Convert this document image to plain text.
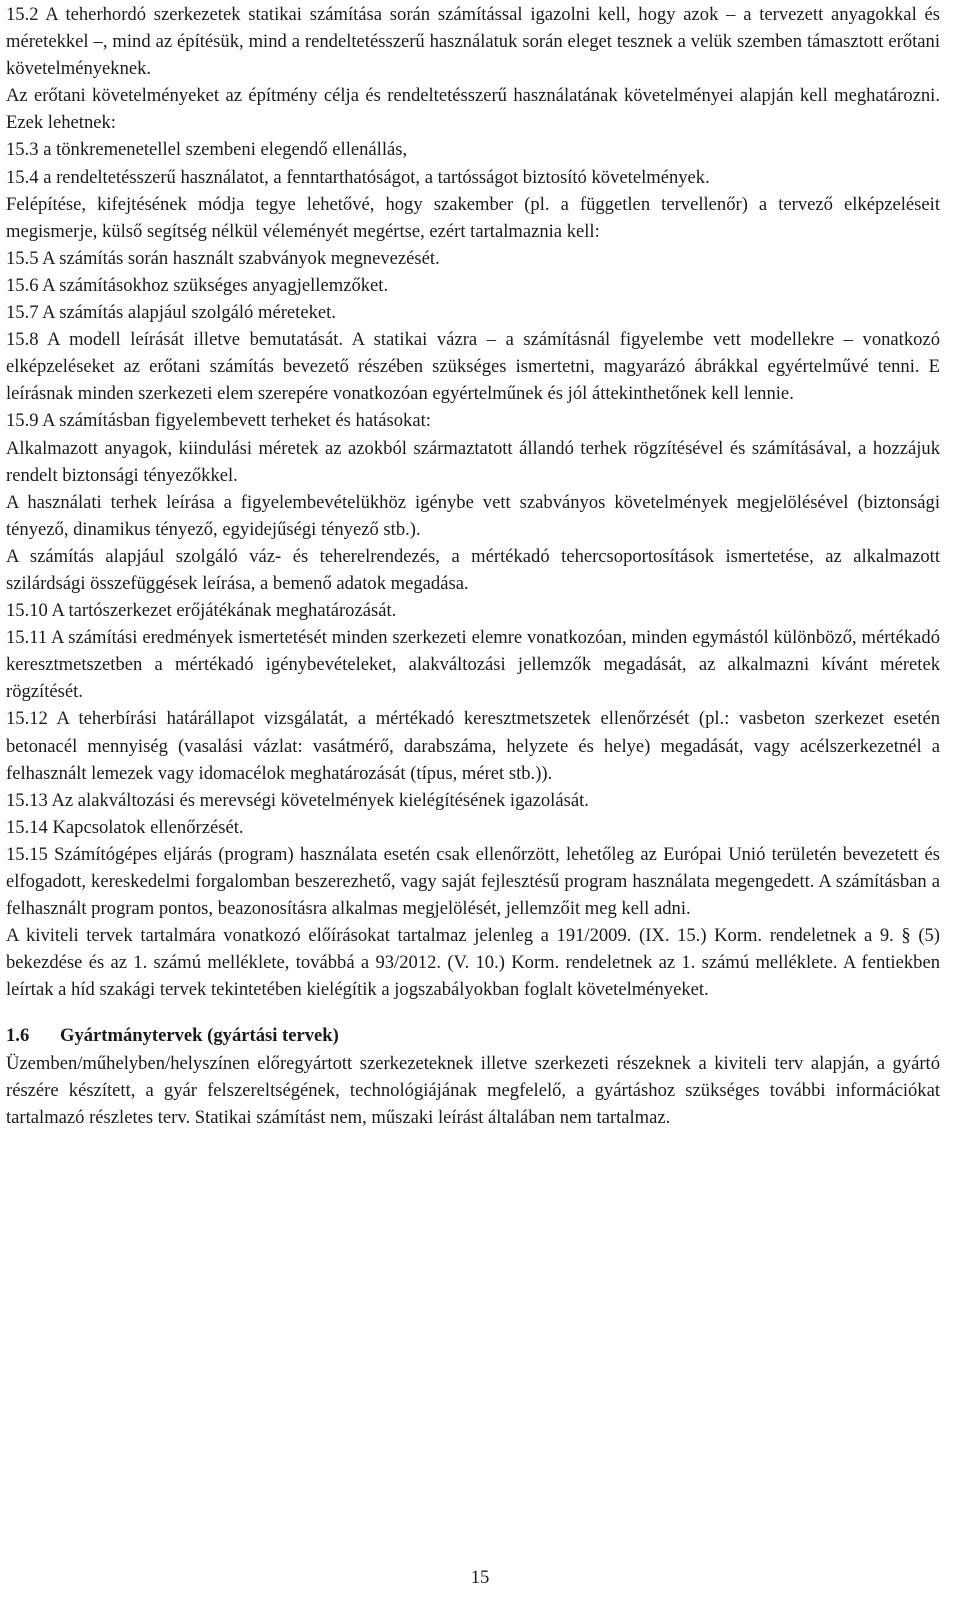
15.2 A teherhordó szerkezetek statikai számítása során számítással igazolni kell, hogy azok – a tervezett anyagokkal és méretekkel –, mind az építésük, mind a rendeltetésszerű használatuk során eleget tesznek a velük szemben támasztott erőtani követelményeknek.

Az erőtani követelményeket az építmény célja és rendeltetésszerű használatának követelményei alapján kell meghatározni. Ezek lehetnek:

15.3 a tönkremenetellel szembeni elegendő ellenállás,

15.4 a rendeltetésszerű használatot, a fenntarthatóságot, a tartósságot biztosító követelmények.

Felépítése, kifejtésének módja tegye lehetővé, hogy szakember (pl. a független tervellenőr) a tervező elképzeléseit megismerje, külső segítség nélkül véleményét megértse, ezért tartalmaznia kell:

15.5 A számítás során használt szabványok megnevezését.

15.6 A számításokhoz szükséges anyagjellemzőket.

15.7 A számítás alapjául szolgáló méreteket.

15.8 A modell leírását illetve bemutatását. A statikai vázra – a számításnál figyelembe vett modellekre – vonatkozó elképzeléseket az erőtani számítás bevezető részében szükséges ismertetni, magyarázó ábrákkal egyértelművé tenni. E leírásnak minden szerkezeti elem szerepére vonatkozóan egyértelműnek és jól áttekinthetőnek kell lennie.

15.9 A számításban figyelembevett terheket és hatásokat:

Alkalmazott anyagok, kiindulási méretek az azokból származtatott állandó terhek rögzítésével és számításával, a hozzájuk rendelt biztonsági tényezőkkel.

A használati terhek leírása a figyelembevételükhöz igénybe vett szabványos követelmények megjelölésével (biztonsági tényező, dinamikus tényező, egyidejűségi tényező stb.).

A számítás alapjául szolgáló váz- és teherelrendezés, a mértékadó tehercsoportosítások ismertetése, az alkalmazott szilárdsági összefüggések leírása, a bemenő adatok megadása.

15.10 A tartószerkezet erőjátékának meghatározását.

15.11 A számítási eredmények ismertetését minden szerkezeti elemre vonatkozóan, minden egymástól különböző, mértékadó keresztmetszetben a mértékadó igénybevételeket, alakváltozási jellemzők megadását, az alkalmazni kívánt méretek rögzítését.

15.12 A teherbírási határállapot vizsgálatát, a mértékadó keresztmetszetek ellenőrzését (pl.: vasbeton szerkezet esetén betonacél mennyiség (vasalási vázlat: vasátmérő, darabszáma, helyzete és helye) megadását, vagy acélszerkezetnél a felhasznált lemezek vagy idomacélok meghatározását (típus, méret stb.)).

15.13 Az alakváltozási és merevségi követelmények kielégítésének igazolását.

15.14 Kapcsolatok ellenőrzését.

15.15 Számítógépes eljárás (program) használata esetén csak ellenőrzött, lehetőleg az Európai Unió területén bevezetett és elfogadott, kereskedelmi forgalomban beszerezhető, vagy saját fejlesztésű program használata megengedett. A számításban a felhasznált program pontos, beazonosításra alkalmas megjelölését, jellemzőit meg kell adni.

A kiviteli tervek tartalmára vonatkozó előírásokat tartalmaz jelenleg a 191/2009. (IX. 15.) Korm. rendeletnek a 9. § (5) bekezdése és az 1. számú melléklete, továbbá a 93/2012. (V. 10.) Korm. rendeletnek az 1. számú melléklete. A fentiekben leírtak a híd szakági tervek tekintetében kielégítik a jogszabályokban foglalt követelményeket.

1.6 Gyártmánytervek (gyártási tervek)

Üzemben/műhelyben/helyszínen előregyártott szerkezeteknek illetve szerkezeti részeknek a kiviteli terv alapján, a gyártó részére készített, a gyár felszereltségének, technológiájának megfelelő, a gyártáshoz szükséges további információkat tartalmazó részletes terv. Statikai számítást nem, műszaki leírást általában nem tartalmaz.

15
